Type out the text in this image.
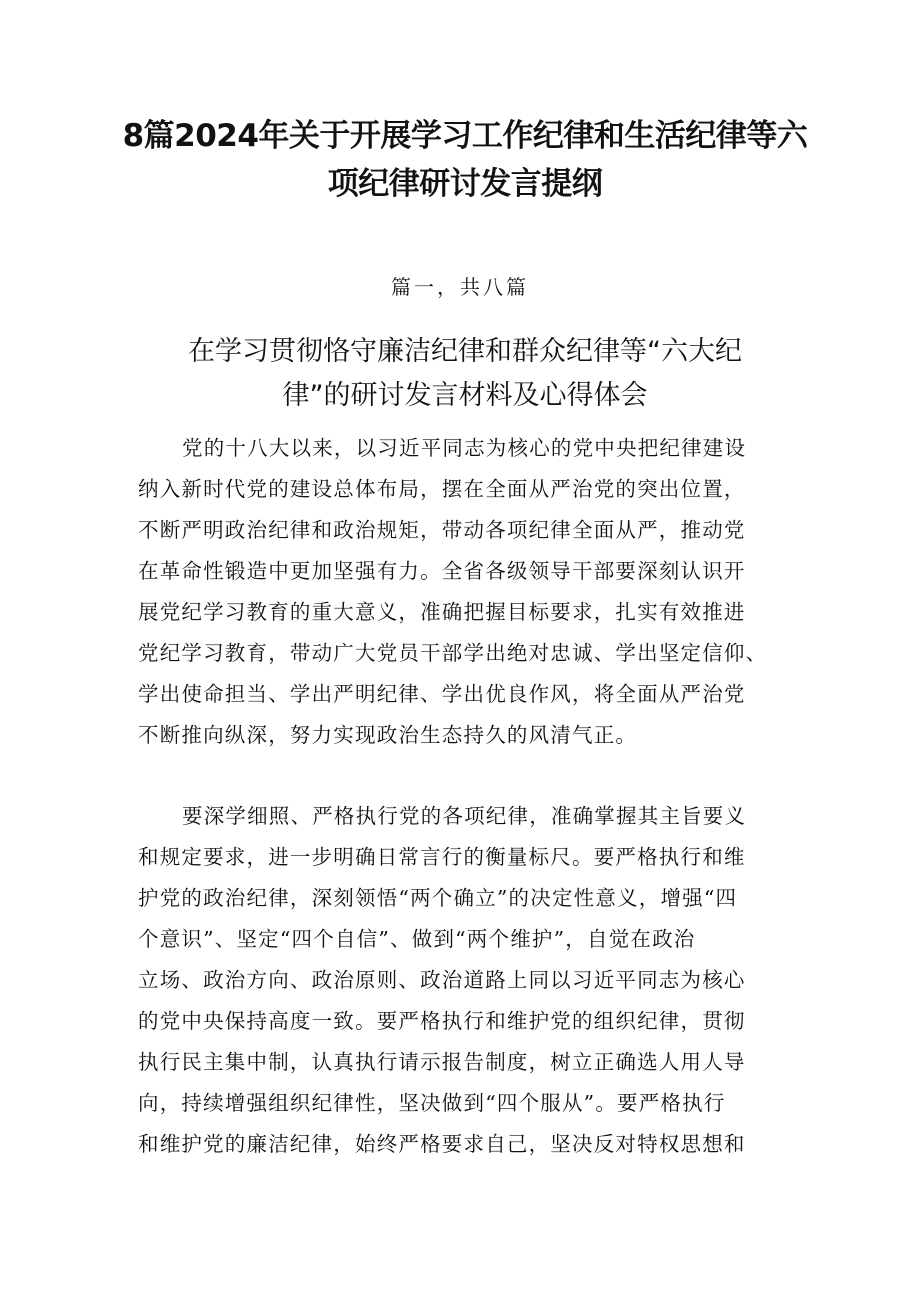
8篇2024年关于开展学习工作纪律和生活纪律等六
项纪律研讨发言提纲
篇一，共八篇
在学习贯彻恪守廉洁纪律和群众纪律等“六大纪
律”的研讨发言材料及心得体会
党的十八大以来，以习近平同志为核心的党中央把纪律建设
纳入新时代党的建设总体布局，摆在全面从严治党的突出位置，
不断严明政治纪律和政治规矩，带动各项纪律全面从严，推动党
在革命性锻造中更加坚强有力。全省各级领导干部要深刻认识开
展党纪学习教育的重大意义，准确把握目标要求，扎实有效推进
党纪学习教育，带动广大党员干部学出绝对忠诚、学出坚定信仰、
学出使命担当、学出严明纪律、学出优良作风，将全面从严治党
不断推向纵深，努力实现政治生态持久的风清气正。
要深学细照、严格执行党的各项纪律，准确掌握其主旨要义
和规定要求，进一步明确日常言行的衡量标尺。要严格执行和维
护党的政治纪律，深刻领悟“两个确立”的决定性意义，增强“四
个意识”、坚定“四个自信”、做到“两个维护”，自觉在政治
立场、政治方向、政治原则、政治道路上同以习近平同志为核心
的党中央保持高度一致。要严格执行和维护党的组织纪律，贯彻
执行民主集中制，认真执行请示报告制度，树立正确选人用人导
向，持续增强组织纪律性，坚决做到“四个服从”。要严格执行
和维护党的廉洁纪律，始终严格要求自己，坚决反对特权思想和
